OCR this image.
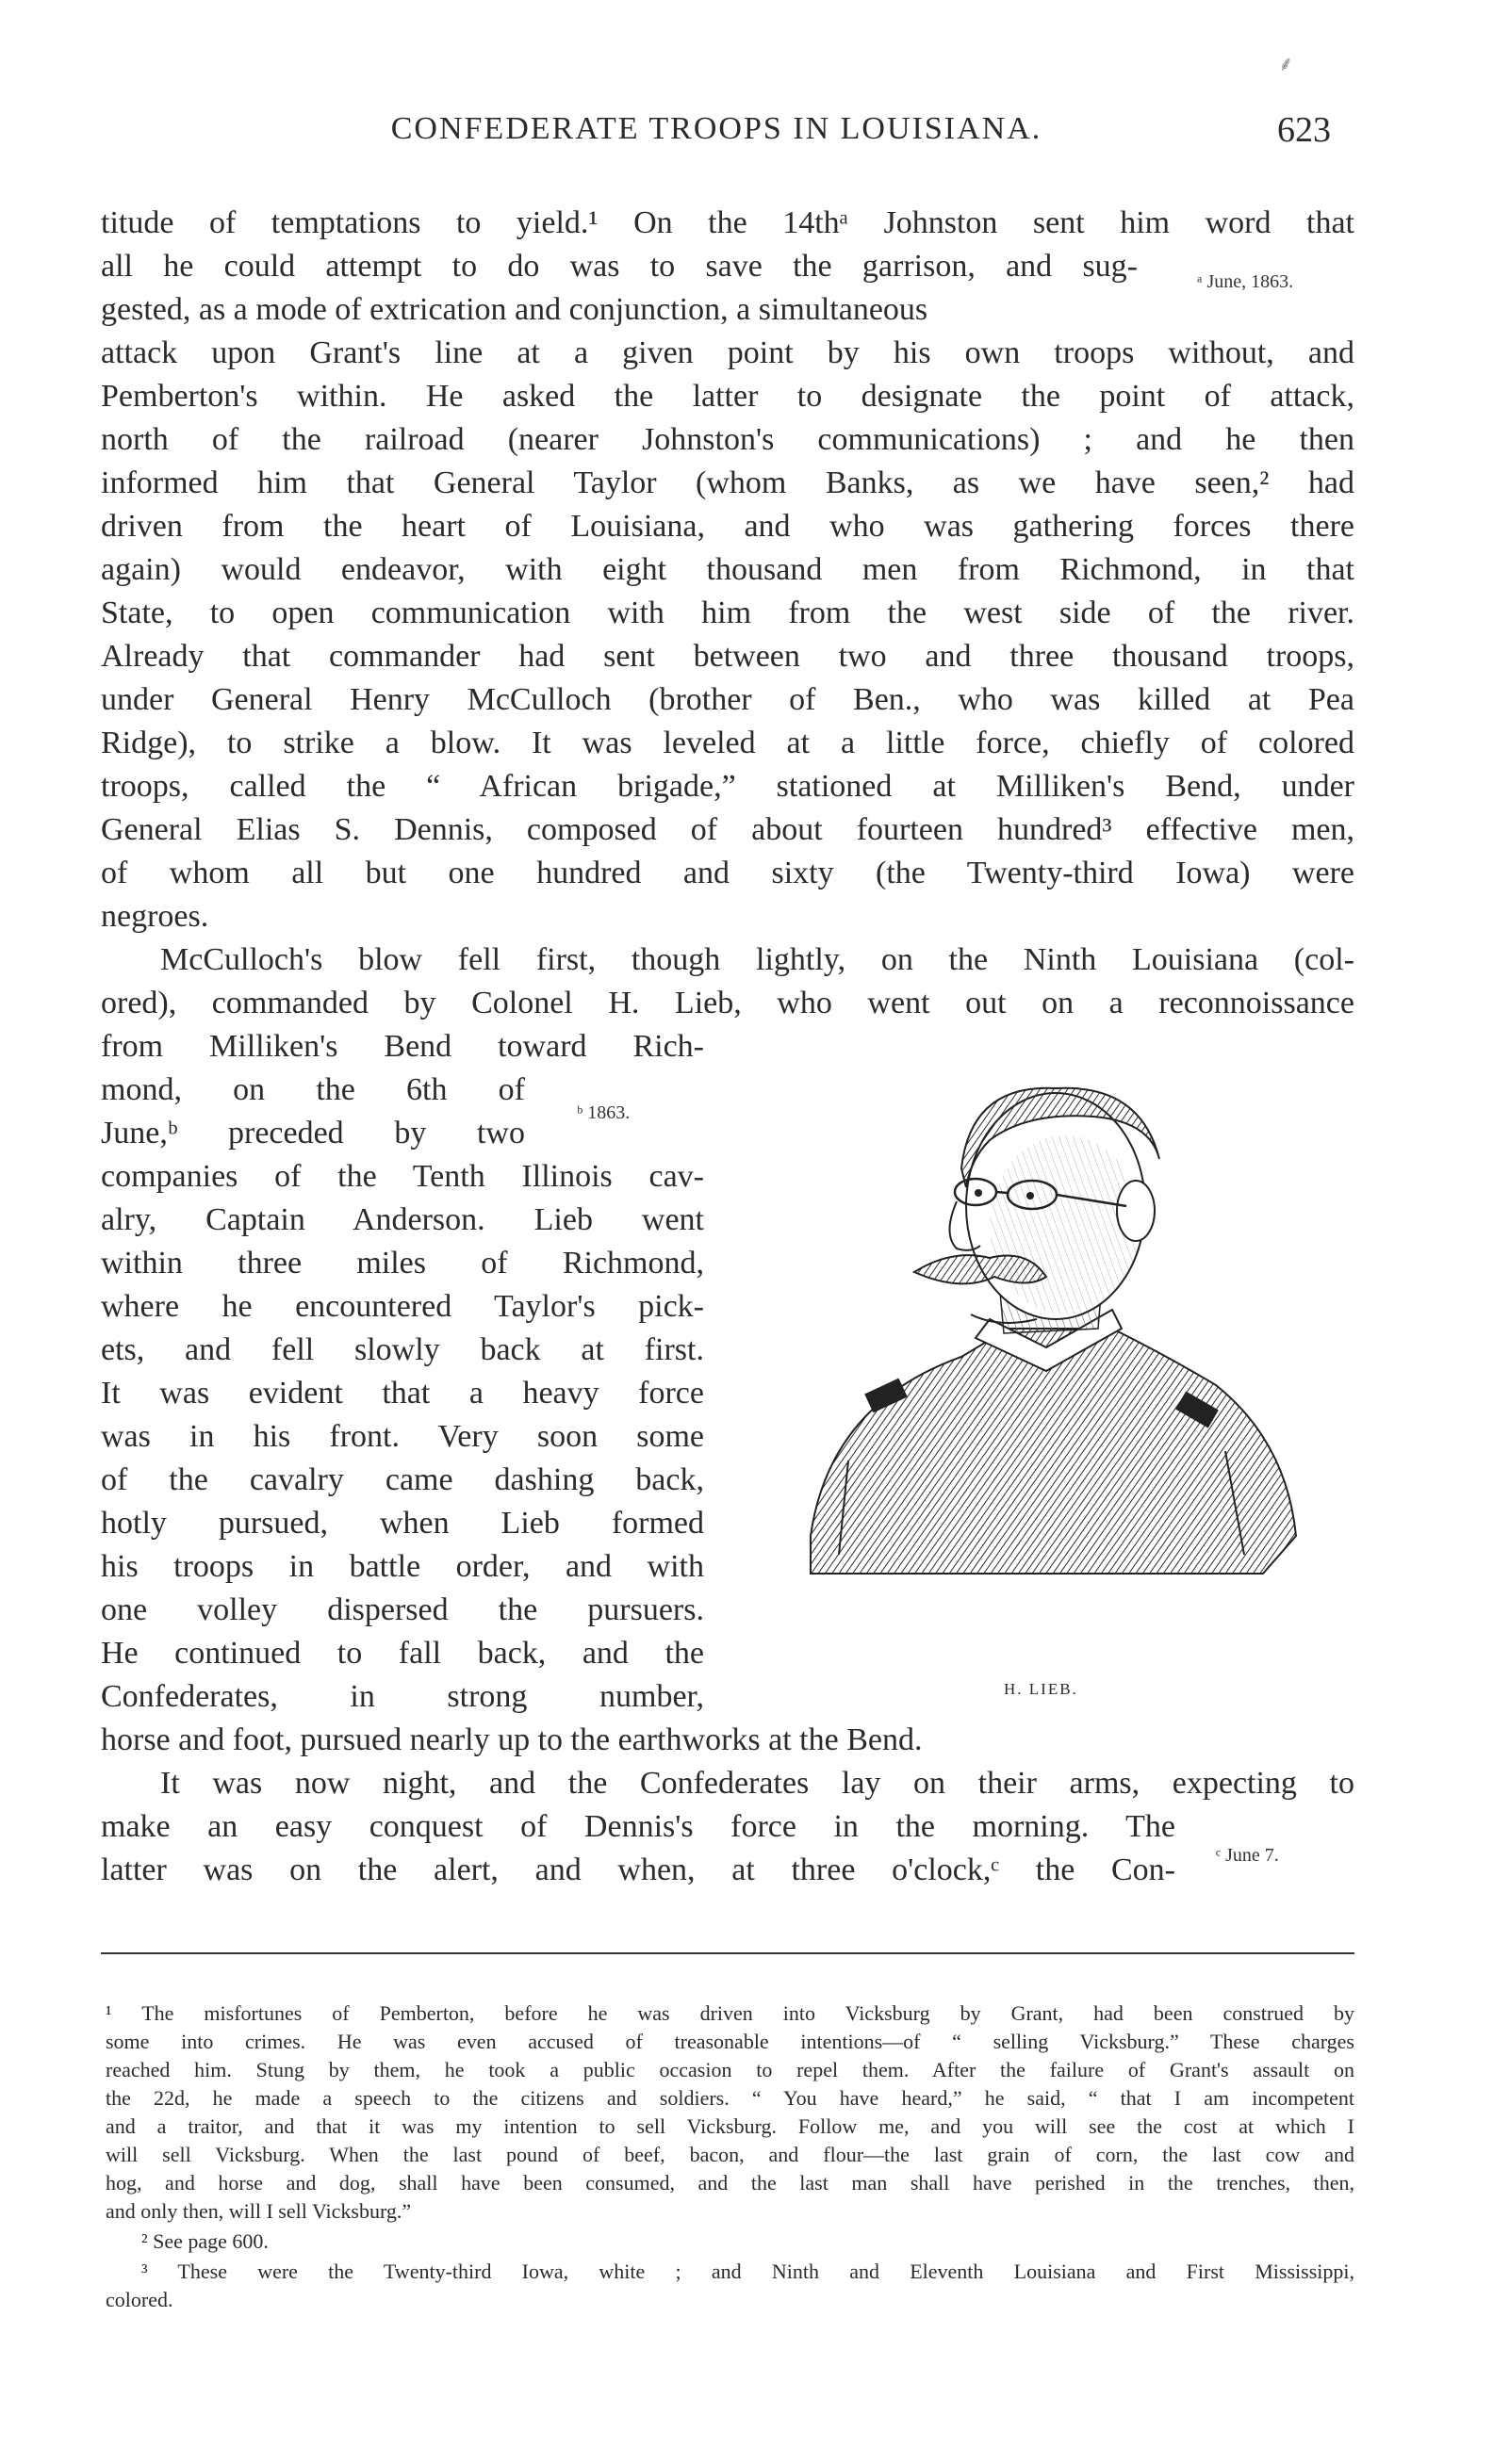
⸙
CONFEDERATE TROOPS IN LOUISIANA.	623
titude of temptations to yield.¹ On the 14thᵃ Johnston sent him word that
all he could attempt to do was to save the garrison, and sug-
gested, as a mode of extrication and conjunction, a simultaneous
attack upon Grant's line at a given point by his own troops without, and
Pemberton's within. He asked the latter to designate the point of attack,
north of the railroad (nearer Johnston's communications) ; and he then
informed him that General Taylor (whom Banks, as we have seen,² had
driven from the heart of Louisiana, and who was gathering forces there
again) would endeavor, with eight thousand men from Richmond, in that
State, to open communication with him from the west side of the river.
Already that commander had sent between two and three thousand troops,
under General Henry McCulloch (brother of Ben., who was killed at Pea
Ridge), to strike a blow. It was leveled at a little force, chiefly of colored
troops, called the “ African brigade,” stationed at Milliken's Bend, under
General Elias S. Dennis, composed of about fourteen hundred³ effective men,
of whom all but one hundred and sixty (the Twenty-third Iowa) were
negroes.
McCulloch's blow fell first, though lightly, on the Ninth Louisiana (col-
ored), commanded by Colonel H. Lieb, who went out on a reconnoissance
from Milliken's Bend toward Rich-
mond, on the 6th of
June,ᵇ preceded by two
companies of the Tenth Illinois cav-
alry, Captain Anderson. Lieb went
within three miles of Richmond,
where he encountered Taylor's pick-
ets, and fell slowly back at first.
It was evident that a heavy force
was in his front. Very soon some
of the cavalry came dashing back,
hotly pursued, when Lieb formed
his troops in battle order, and with
one volley dispersed the pursuers.
He continued to fall back, and the
Confederates, in strong number,
horse and foot, pursued nearly up to the earthworks at the Bend.
It was now night, and the Confederates lay on their arms, expecting to
make an easy conquest of Dennis's force in the morning. The
latter was on the alert, and when, at three o'clock,ᶜ the Con-
ᵃ June, 1863.
ᵇ 1863.
ᶜ June 7.
H. LIEB.
¹ The misfortunes of Pemberton, before he was driven into Vicksburg by Grant, had been construed by
some into crimes. He was even accused of treasonable intentions—of “ selling Vicksburg.” These charges
reached him. Stung by them, he took a public occasion to repel them. After the failure of Grant's assault on
the 22d, he made a speech to the citizens and soldiers. “ You have heard,” he said, “ that I am incompetent
and a traitor, and that it was my intention to sell Vicksburg. Follow me, and you will see the cost at which I
will sell Vicksburg. When the last pound of beef, bacon, and flour—the last grain of corn, the last cow and
hog, and horse and dog, shall have been consumed, and the last man shall have perished in the trenches, then,
and only then, will I sell Vicksburg.”
² See page 600.
³ These were the Twenty-third Iowa, white ; and Ninth and Eleventh Louisiana and First Mississippi,
colored.
